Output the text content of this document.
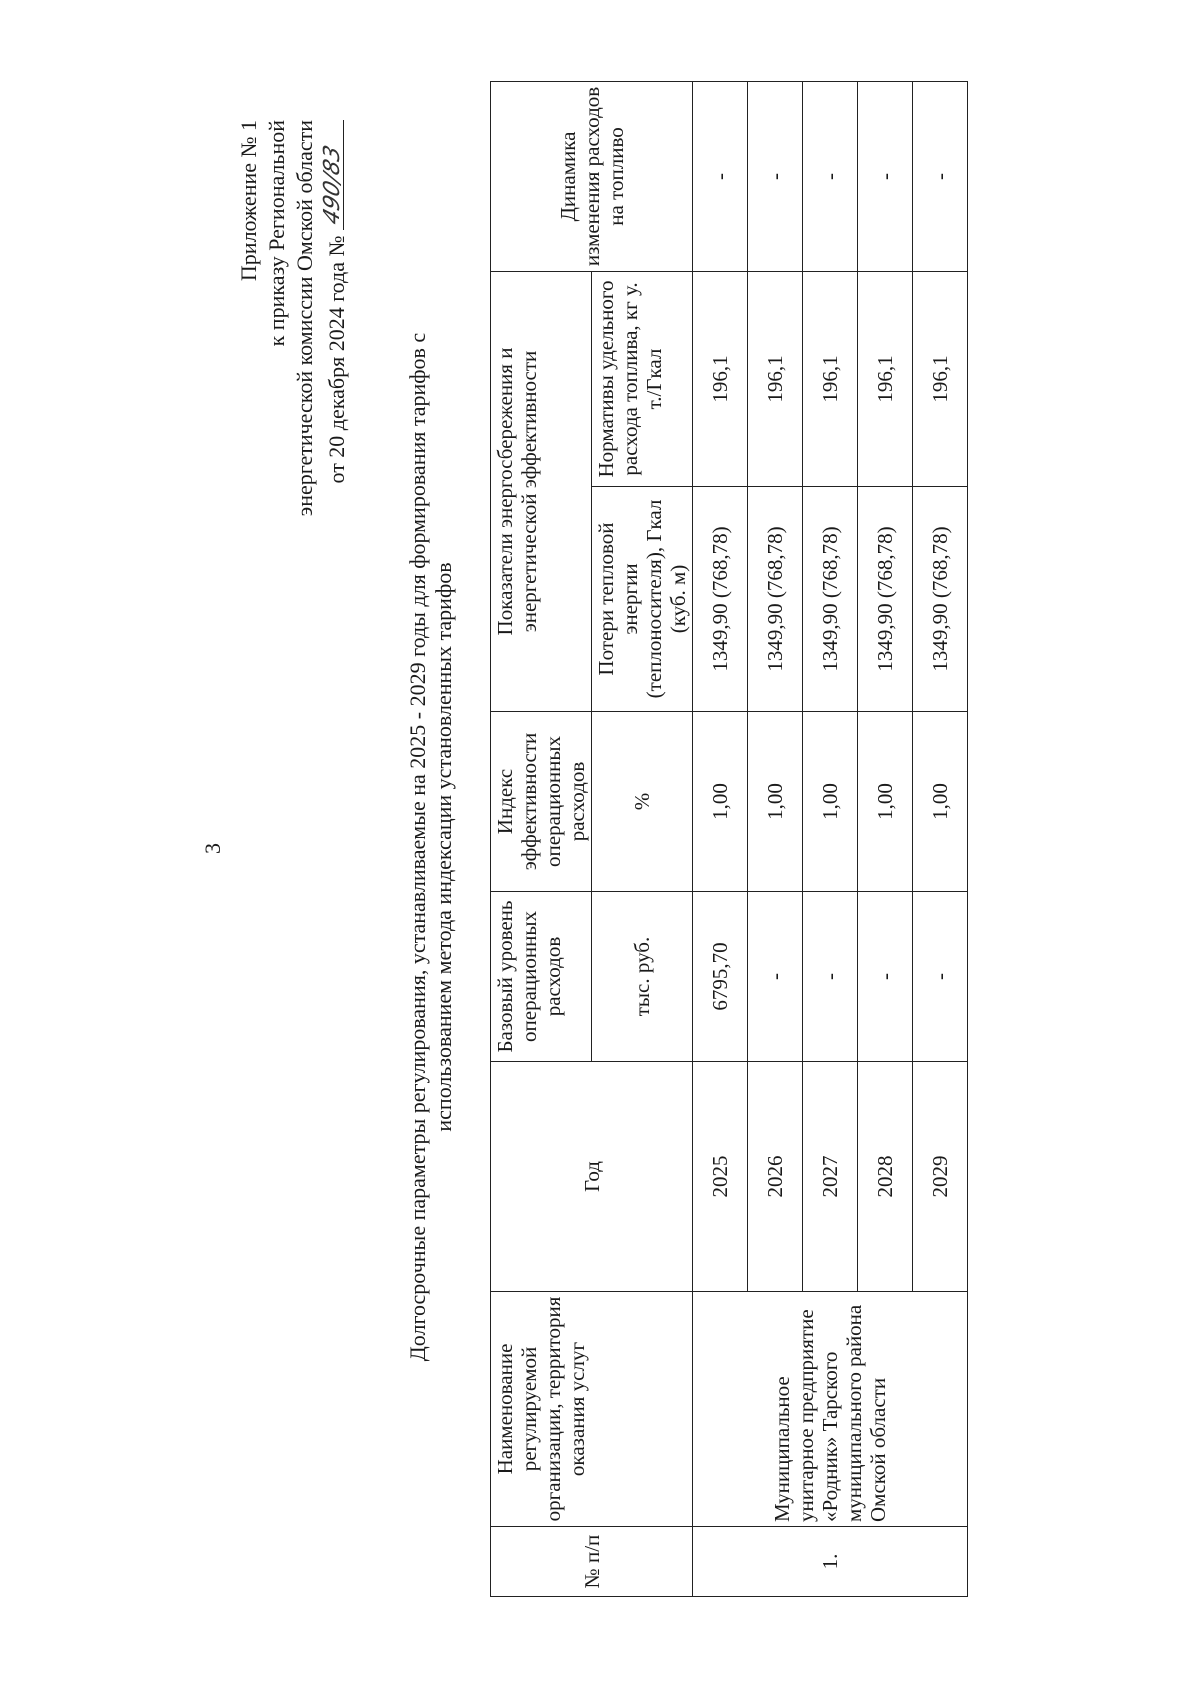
3
Приложение № 1 к приказу Региональной энергетической комиссии Омской области от 20 декабря 2024 года №
490/83
Долгосрочные параметры регулирования, устанавливаемые на 2025 - 2029 годы для формирования тарифов с использованием метода индексации установленных тарифов
№ п/п	Наименование регулируемой организации, территория оказания услуг	Год	Базовый уровень операционных расходов	Индекс эффективности операционных расходов	Показатели энергосбережения и энергетической эффективности		Динамика изменения расходов на топливо
			тыс. руб.	%	Потери тепловой энергии (теплоносителя), Гкал (куб. м)	Нормативы удельного расхода топлива, кг у. т./Гкал	
1.	Муниципальное унитарное предприятие «Родник» Тарского муниципального района Омской области	2025	6795,70	1,00	1349,90 (768,78)	196,1	-
		2026	-	1,00	1349,90 (768,78)	196,1	-
		2027	-	1,00	1349,90 (768,78)	196,1	-
		2028	-	1,00	1349,90 (768,78)	196,1	-
		2029	-	1,00	1349,90 (768,78)	196,1	-
